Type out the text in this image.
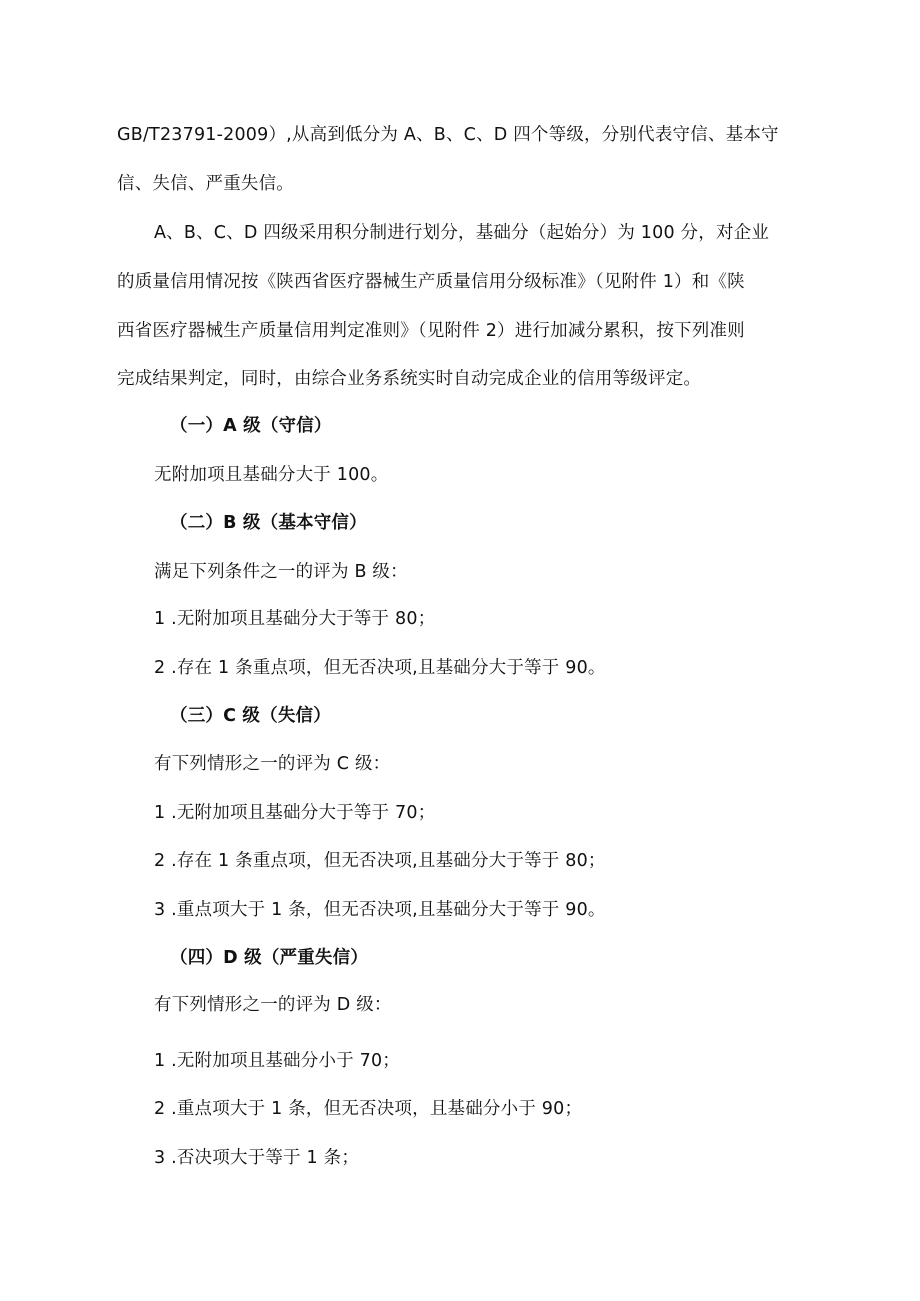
GB/T23791-2009）,从高到低分为 A、B、C、D 四个等级，分别代表守信、基本守
信、失信、严重失信。
A、B、C、D 四级采用积分制进行划分，基础分（起始分）为 100 分，对企业
的质量信用情况按《陕西省医疗器械生产质量信用分级标准》（见附件 1）和《陕
西省医疗器械生产质量信用判定准则》（见附件 2）进行加减分累积，按下列准则
完成结果判定，同时，由综合业务系统实时自动完成企业的信用等级评定。
（一）A 级（守信）
无附加项且基础分大于 100。
（二）B 级（基本守信）
满足下列条件之一的评为 B 级：
1 .无附加项且基础分大于等于 80；
2 .存在 1 条重点项，但无否决项,且基础分大于等于 90。
（三）C 级（失信）
有下列情形之一的评为 C 级：
1 .无附加项且基础分大于等于 70；
2 .存在 1 条重点项，但无否决项,且基础分大于等于 80；
3 .重点项大于 1 条，但无否决项,且基础分大于等于 90。
（四）D 级（严重失信）
有下列情形之一的评为 D 级：
1 .无附加项且基础分小于 70；
2 .重点项大于 1 条，但无否决项，且基础分小于 90；
3 .否决项大于等于 1 条；
